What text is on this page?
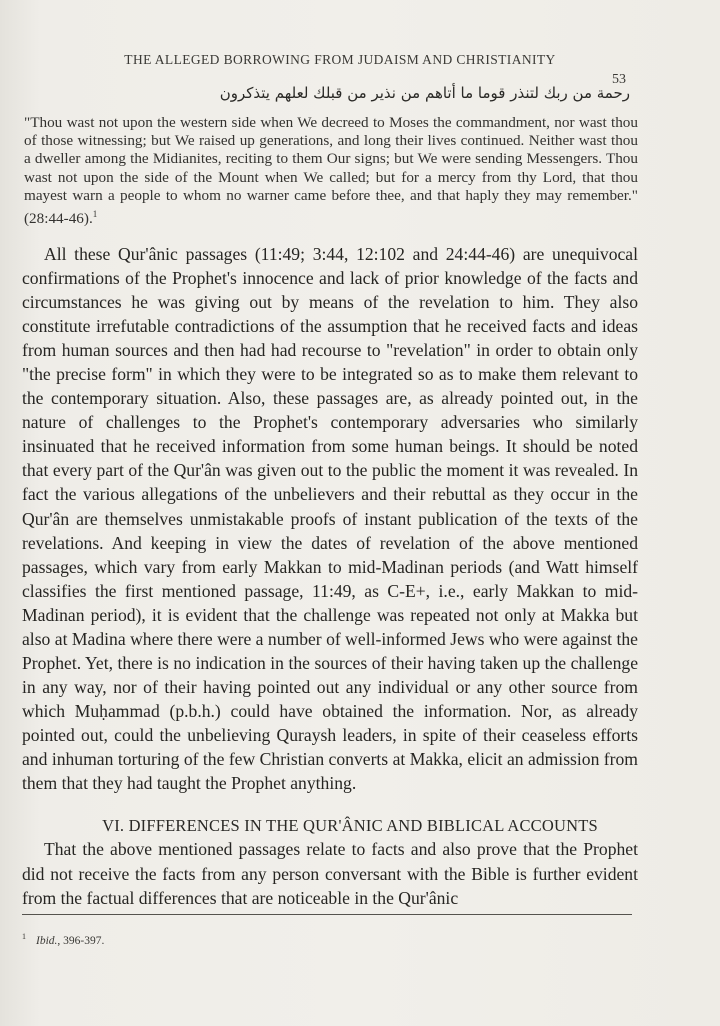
THE ALLEGED BORROWING FROM JUDAISM AND CHRISTIANITY
53
رحمة من ربك لتنذر قوما ما أتاهم من نذير من قبلك لعلهم يتذكرون
"Thou wast not upon the western side when We decreed to Moses the commandment, nor wast thou of those witnessing; but We raised up generations, and long their lives continued. Neither wast thou a dweller among the Midianites, reciting to them Our signs; but We were sending Messengers. Thou wast not upon the side of the Mount when We called; but for a mercy from thy Lord, that thou mayest warn a people to whom no warner came before thee, and that haply they may remember." (28:44-46).$^1$

All these Qur'ânic passages (11:49; 3:44, 12:102 and 24:44-46) are unequivocal confirmations of the Prophet's innocence and lack of prior knowledge of the facts and circumstances he was giving out by means of the revelation to him. They also constitute irrefutable contradictions of the assumption that he received facts and ideas from human sources and then had had recourse to "revelation" in order to obtain only "the precise form" in which they were to be integrated so as to make them relevant to the contemporary situation. Also, these passages are, as already pointed out, in the nature of challenges to the Prophet's contemporary adversaries who similarly insinuated that he received information from some human beings. It should be noted that every part of the Qur'ân was given out to the public the moment it was revealed. In fact the various allegations of the unbelievers and their rebuttal as they occur in the Qur'ân are themselves unmistakable proofs of instant publication of the texts of the revelations. And keeping in view the dates of revelation of the above mentioned passages, which vary from early Makkan to mid-Madinan periods (and Watt himself classifies the first mentioned passage, 11:49, as C-E+, i.e., early Makkan to mid-Madinan period), it is evident that the challenge was repeated not only at Makka but also at Madina where there were a number of well-informed Jews who were against the Prophet. Yet, there is no indication in the sources of their having taken up the challenge in any way, nor of their having pointed out any individual or any other source from which Muḥammad (p.b.h.) could have obtained the information. Nor, as already pointed out, could the unbelieving Quraysh leaders, in spite of their ceaseless efforts and inhuman torturing of the few Christian converts at Makka, elicit an admission from them that they had taught the Prophet anything.

VI. DIFFERENCES IN THE QUR'ÂNIC AND BIBLICAL ACCOUNTS

That the above mentioned passages relate to facts and also prove that the Prophet did not receive the facts from any person conversant with the Bible is further evident from the factual differences that are noticeable in the Qur'ânic

$^1$ Ibid., 396-397.
